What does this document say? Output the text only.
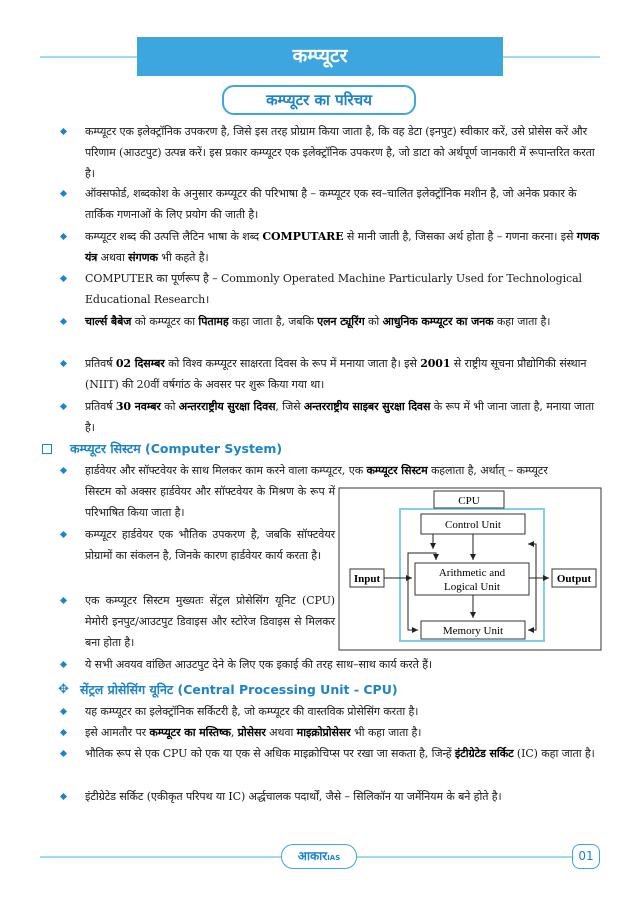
कम्प्यूटर
कम्प्यूटर का परिचय
कम्प्यूटर एक इलेक्ट्रॉनिक उपकरण है, जिसे इस तरह प्रोग्राम किया जाता है, कि वह डेटा (इनपुट) स्वीकार करें, उसे प्रोसेस करें और परिणाम (आउटपुट) उत्पन्न करें। इस प्रकार कम्प्यूटर एक इलेक्ट्रॉनिक उपकरण है, जो डाटा को अर्थपूर्ण जानकारी में रूपान्तरित करता है।
ऑक्सफोर्ड, शब्दकोश के अनुसार कम्प्यूटर की परिभाषा है – कम्प्यूटर एक स्व–चालित इलेक्ट्रॉनिक मशीन है, जो अनेक प्रकार के तार्किक गणनाओं के लिए प्रयोग की जाती है।
कम्प्यूटर शब्द की उत्पत्ति लैटिन भाषा के शब्द COMPUTARE से मानी जाती है, जिसका अर्थ होता है – गणना करना। इसे गणक यंत्र अथवा संगणक भी कहते है।
COMPUTER का पूर्णरूप है – Commonly Operated Machine Particularly Used for Technological Educational Research।
चार्ल्स बैबेज को कम्प्यूटर का पितामह कहा जाता है, जबकि एलन ट्यूरिंग को आधुनिक कम्प्यूटर का जनक कहा जाता है।
प्रतिवर्ष 02 दिसम्बर को विश्व कम्प्यूटर साक्षरता दिवस के रूप में मनाया जाता है। इसे 2001 से राष्ट्रीय सूचना प्रौद्योगिकी संस्थान (NIIT) की 20वीं वर्षगांठ के अवसर पर शुरू किया गया था।
प्रतिवर्ष 30 नवम्बर को अन्तरराष्ट्रीय सुरक्षा दिवस, जिसे अन्तरराष्ट्रीय साइबर सुरक्षा दिवस के रूप में भी जाना जाता है, मनाया जाता है।
कम्प्यूटर सिस्टम (Computer System)
हार्डवेयर और सॉफ्टवेयर के साथ मिलकर काम करने वाला कम्प्यूटर, एक कम्प्यूटर सिस्टम कहलाता है, अर्थात् – कम्प्यूटर
सिस्टम को अक्सर हार्डवेयर और सॉफ्टवेयर के मिश्रण के रूप में परिभाषित किया जाता है।
कम्प्यूटर हार्डवेयर एक भौतिक उपकरण है, जबकि सॉफ्टवेयर प्रोग्रामों का संकलन है, जिनके कारण हार्डवेयर कार्य करता है।
एक कम्प्यूटर सिस्टम मुख्यतः सेंट्रल प्रोसेसिंग यूनिट (CPU) मेमोरी इनपुट/आउटपुट डिवाइस और स्टोरेज डिवाइस से मिलकर बना होता है।
ये सभी अवयव वांछित आउटपुट देने के लिए एक इकाई की तरह साथ–साथ कार्य करते हैं।
CPU
Control Unit
Arithmetic and
Logical Unit
Memory Unit
Input	Output
✥ सेंट्रल प्रोसेसिंग यूनिट (Central Processing Unit - CPU)
यह कम्प्यूटर का इलेक्ट्रॉनिक सर्किटरी है, जो कम्प्यूटर की वास्तविक प्रोसेसिंग करता है।
इसे आमतौर पर कम्प्यूटर का मस्तिष्क, प्रोसेसर अथवा माइक्रोप्रोसेसर भी कहा जाता है।
भौतिक रूप से एक CPU को एक या एक से अधिक माइक्रोचिप्स पर रखा जा सकता है, जिन्हें इंटीग्रेटेड सर्किट (IC) कहा जाता है।
इंटीग्रेटेड सर्किट (एकीकृत परिपथ या IC) अर्द्धचालक पदार्थों, जैसे – सिलिकॉन या जर्मेनियम के बने होते है।
आकारIAS	01
